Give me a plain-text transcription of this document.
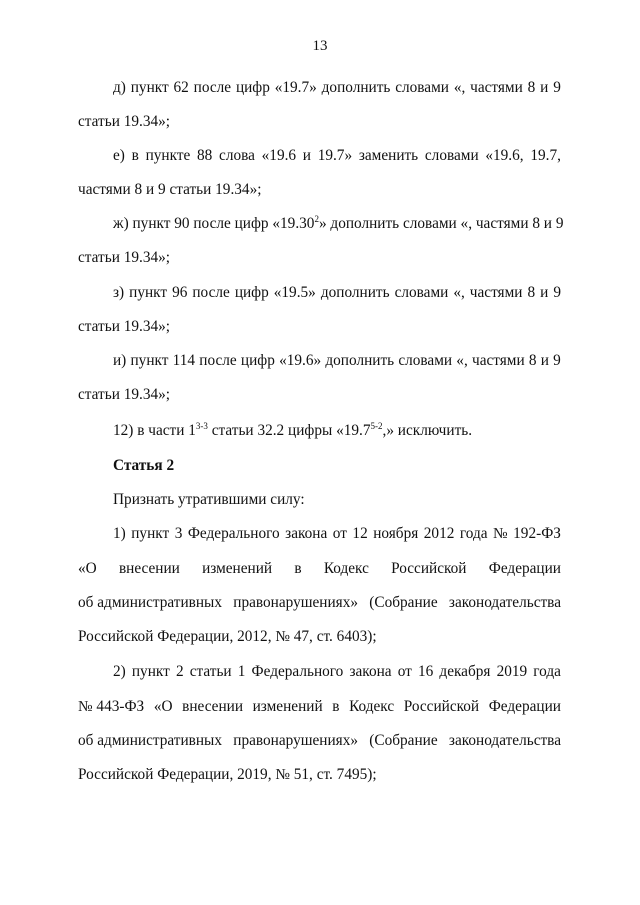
13
д) пункт 62 после цифр «19.7» дополнить словами «, частями 8 и 9
статьи 19.34»;
е) в пункте 88 слова «19.6 и 19.7» заменить словами «19.6, 19.7,
частями 8 и 9 статьи 19.34»;
ж) пункт 90 после цифр «19.30$^2$» дополнить словами «, частями 8 и 9
статьи 19.34»;
з) пункт 96 после цифр «19.5» дополнить словами «, частями 8 и 9
статьи 19.34»;
и) пункт 114 после цифр «19.6» дополнить словами «, частями 8 и 9
статьи 19.34»;
12) в части 1$^{3-3}$ статьи 32.2 цифры «19.7$^{5-2}$,» исключить.
Статья 2
Признать утратившими силу:
1) пункт 3 Федерального закона от 12 ноября 2012 года № 192-ФЗ
«О внесении изменений в Кодекс Российской Федерации
об административных правонарушениях» (Собрание законодательства
Российской Федерации, 2012, № 47, ст. 6403);
2) пункт 2 статьи 1 Федерального закона от 16 декабря 2019 года
№ 443-ФЗ «О внесении изменений в Кодекс Российской Федерации
об административных правонарушениях» (Собрание законодательства
Российской Федерации, 2019, № 51, ст. 7495);
